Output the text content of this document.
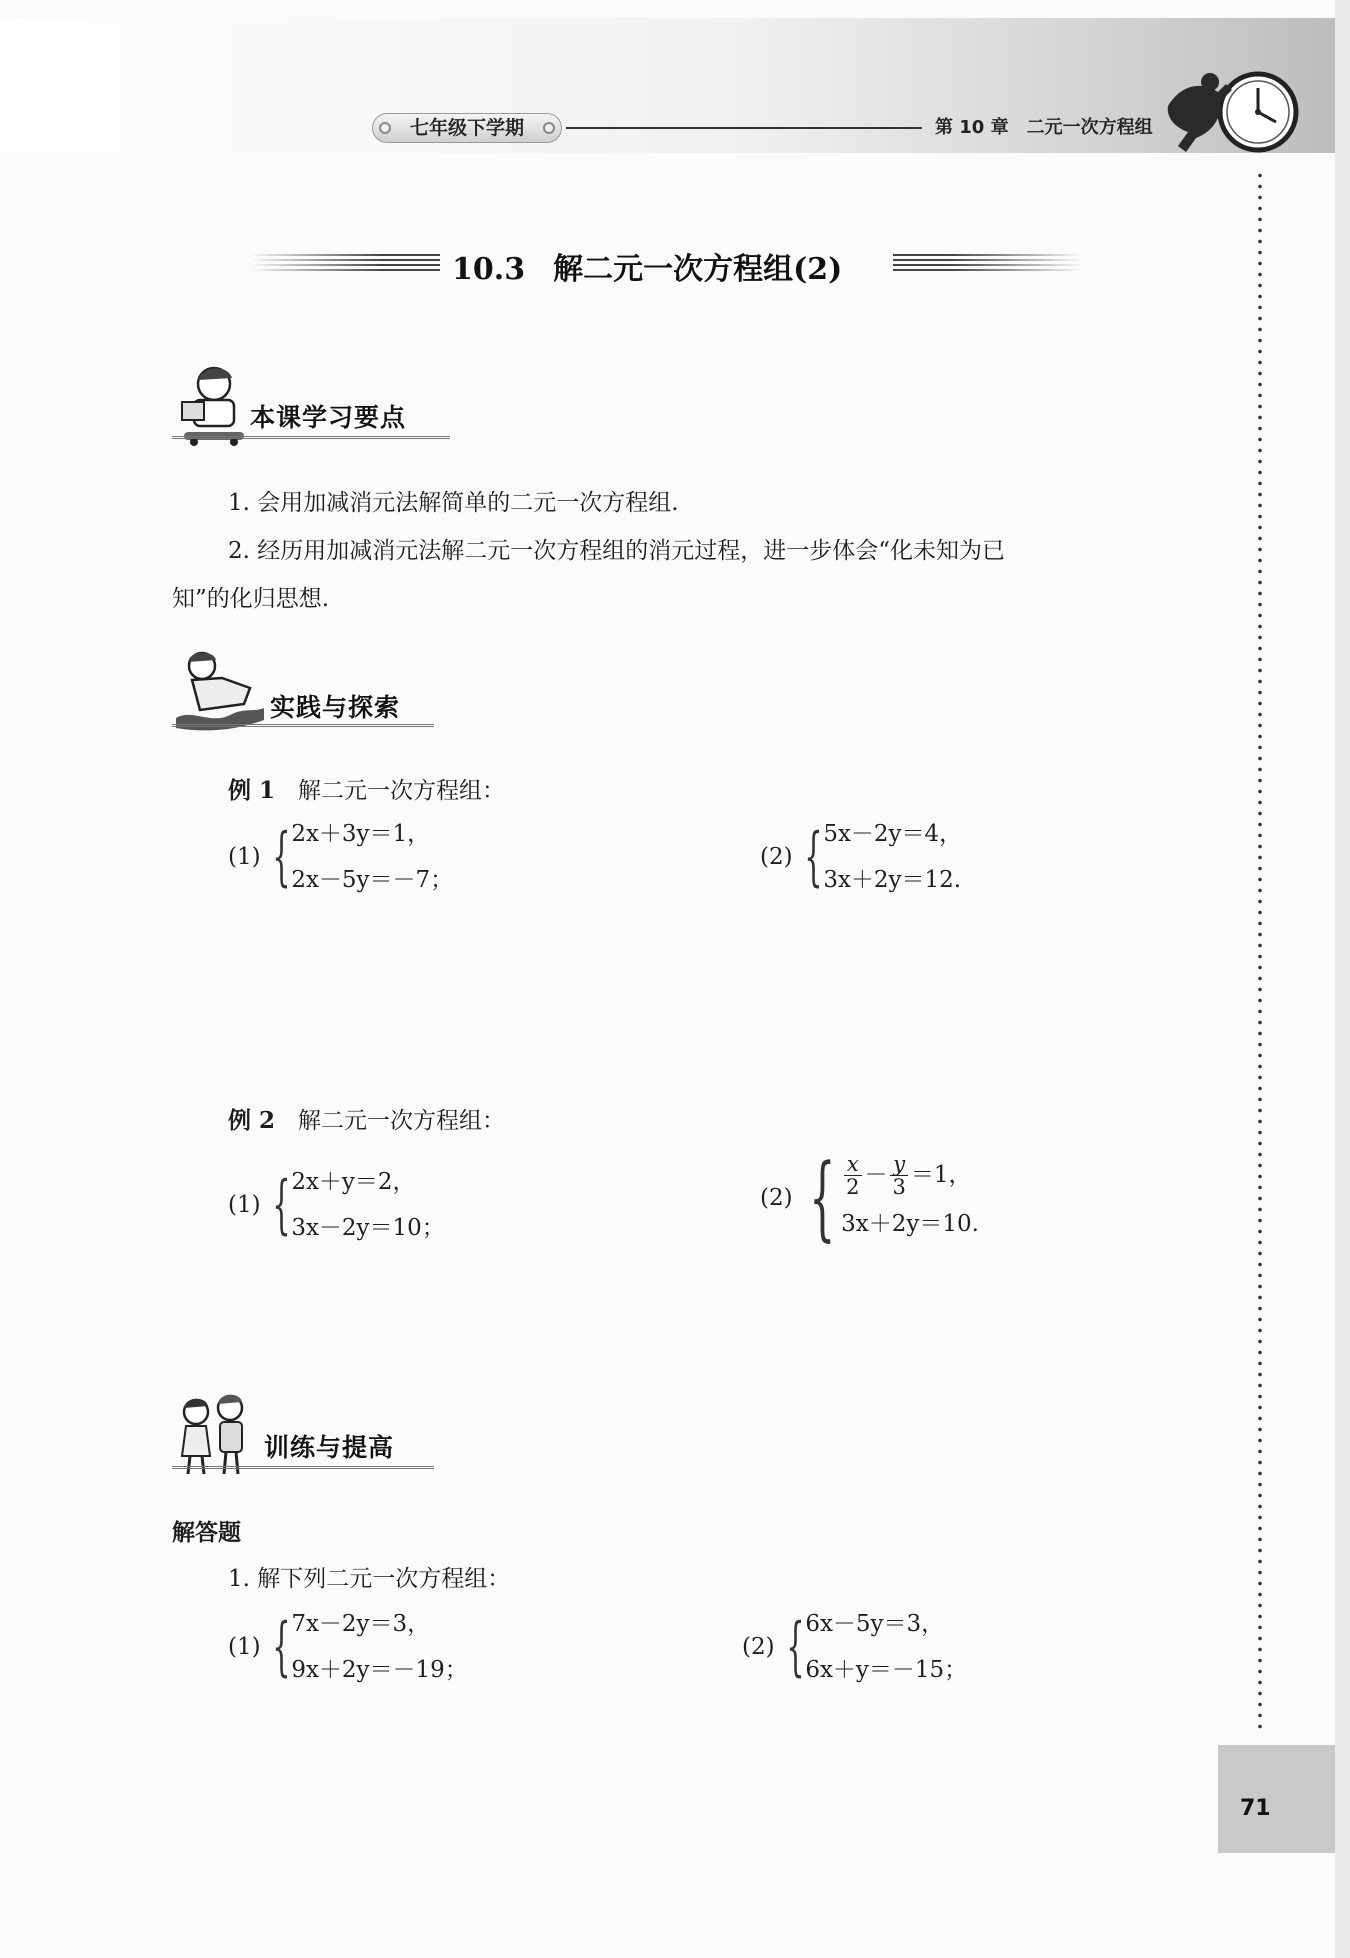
七年级下学期	第 10 章　二元一次方程组
71
10.3 解二元一次方程组(2)
本课学习要点
1. 会用加减消元法解简单的二元一次方程组.
2. 经历用加减消元法解二元一次方程组的消元过程，进一步体会“化未知为已
知”的化归思想.
实践与探索
例 1　 解二元一次方程组：
(1) { 2x＋3y＝1，
2x－5y＝－7；
(2) { 5x－2y＝4，
3x＋2y＝12.
例 2　 解二元一次方程组：
(1) { 2x＋y＝2，
3x－2y＝10；
(2) { $\frac{x}{2} - \frac{y}{3} =1$，
3x＋2y＝10.
训练与提高
解答题
1. 解下列二元一次方程组：
(1) { 7x－2y＝3，
9x＋2y＝－19；
(2) { 6x－5y＝3，
6x＋y＝－15；
